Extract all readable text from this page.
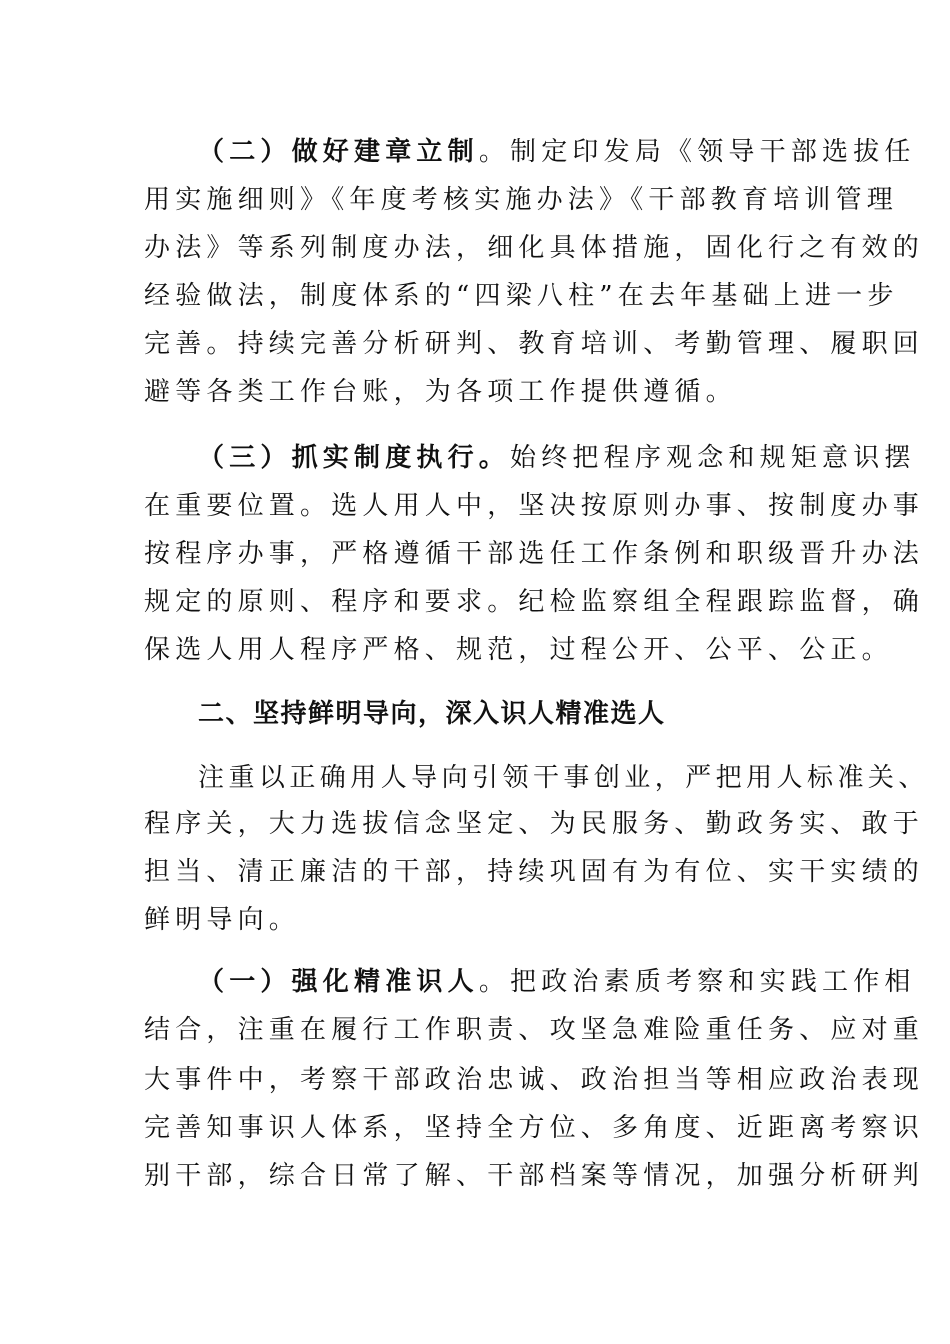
（二）做好建章立制。制定印发局《领导干部选拔任
用实施细则》《年度考核实施办法》《干部教育培训管理
办法》等系列制度办法，细化具体措施，固化行之有效的
经验做法，制度体系的“四梁八柱”在去年基础上进一步
完善。持续完善分析研判、教育培训、考勤管理、履职回
避等各类工作台账，为各项工作提供遵循。
（三）抓实制度执行。始终把程序观念和规矩意识摆
在重要位置。选人用人中，坚决按原则办事、按制度办事
按程序办事，严格遵循干部选任工作条例和职级晋升办法
规定的原则、程序和要求。纪检监察组全程跟踪监督，确
保选人用人程序严格、规范，过程公开、公平、公正。
二、坚持鲜明导向，深入识人精准选人
注重以正确用人导向引领干事创业，严把用人标准关、
程序关，大力选拔信念坚定、为民服务、勤政务实、敢于
担当、清正廉洁的干部，持续巩固有为有位、实干实绩的
鲜明导向。
（一）强化精准识人。把政治素质考察和实践工作相
结合，注重在履行工作职责、攻坚急难险重任务、应对重
大事件中，考察干部政治忠诚、政治担当等相应政治表现
完善知事识人体系，坚持全方位、多角度、近距离考察识
别干部，综合日常了解、干部档案等情况，加强分析研判
